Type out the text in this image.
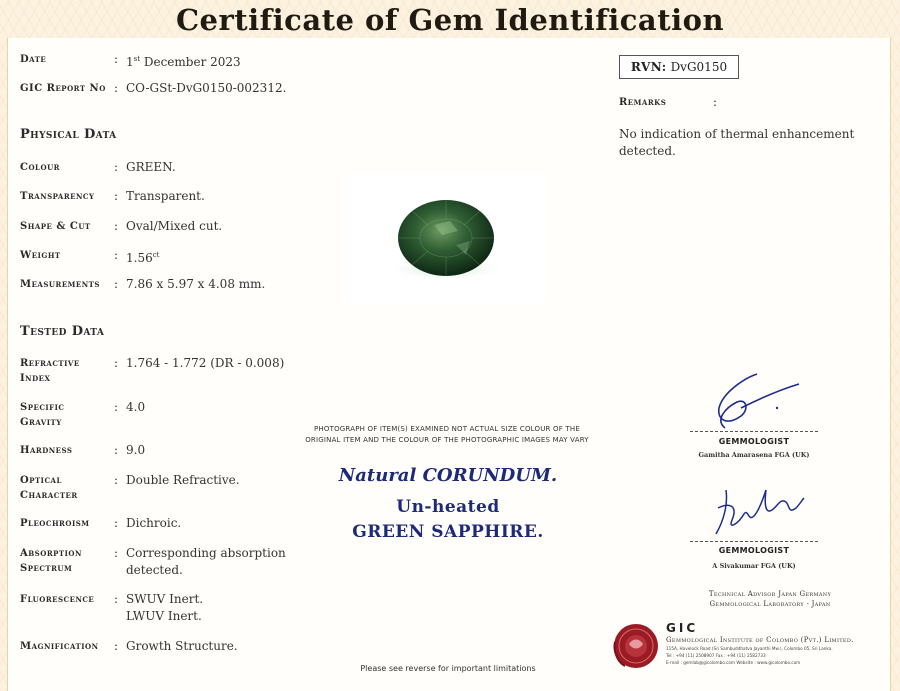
Certificate of Gem Identification
Date	: 1st December 2023
GIC Report No : CO-GSt-DvG0150-002312.
Physical Data
Colour	: GREEN.
Transparency : Transparent.
Shape & Cut : Oval/Mixed cut.
Weight	: $1.56^{ct}$
Measurements : 7.86 x 5.97 x 4.08 mm.
Tested Data
Refractive
Index
: 1.764 - 1.772 (DR - 0.008)
Specific
Gravity
: 4.0
Hardness	: 9.0
Optical
Character
: Double Refractive.
Pleochroism : Dichroic.
Absorption
Spectrum
: Corresponding absorption
detected.
Fluorescence : SWUV Inert.
LWUV Inert.
Magnification : Growth Structure.
RVN: DvG0150
Remarks	:
No indication of thermal enhancement detected.
PHOTOGRAPH OF ITEM(S) EXAMINED NOT ACTUAL SIZE COLOUR OF THE ORIGINAL ITEM AND THE COLOUR OF THE PHOTOGRAPHIC IMAGES MAY VARY
Natural CORUNDUM.
Un-heated
GREEN SAPPHIRE.
GEMMOLOGIST
Gamitha Amarasena FGA (UK)
GEMMOLOGIST
A Sivakumar FGA (UK)
Technical Advisor Japan Germany
Gemmological Laboratory - Japan
GIC
Gemmological Institute of Colombo (Pvt.) Limited.
115A, Havelock Road (Sri Sambuddhatva Jayanthi Mw.), Colombo 05, Sri Lanka.
Tel : +94 (11) 2508907 Fax : +94 (11) 2582733
E-mail : gemlab@gicolombo.com Website : www.gicolombo.com
Please see reverse for important limitations
